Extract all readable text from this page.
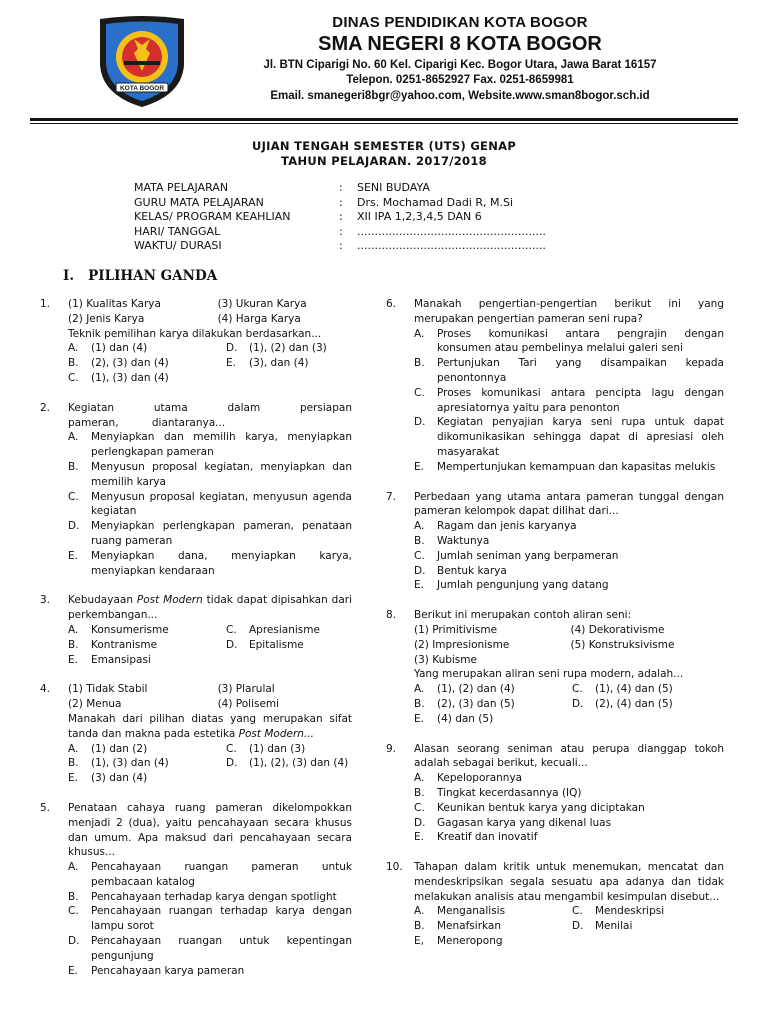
KOTA BOGOR
DINAS PENDIDIKAN KOTA BOGOR
SMA NEGERI 8 KOTA BOGOR
Jl. BTN Ciparigi No. 60 Kel. Ciparigi Kec. Bogor Utara, Jawa Barat 16157
Telepon. 0251-8652927 Fax. 0251-8659981
Email. smanegeri8bgr@yahoo.com, Website.www.sman8bogor.sch.id
UJIAN TENGAH SEMESTER (UTS) GENAP
TAHUN PELAJARAN. 2017/2018
MATA PELAJARAN	:	SENI BUDAYA
GURU MATA PELAJARAN	:	Drs. Mochamad Dadi R, M.Si
KELAS/ PROGRAM KEAHLIAN	:	XII IPA 1,2,3,4,5 DAN 6
HARI/ TANGGAL	:	......................................................
WAKTU/ DURASI	:	......................................................
I.   PILIHAN GANDA
1. (1) Kualitas Karya	(3) Ukuran Karya
(2) Jenis Karya	(4) Harga Karya
Teknik pemilihan karya dilakukan berdasarkan...
A. (1) dan (4)	D. (1), (2) dan (3)
B. (2), (3) dan (4)	E. (3), dan (4)
C. (1), (3) dan (4)
2. Kegiatan utama dalam persiapan pameran, diantaranya...
A. Menyiapkan dan memilih karya, menyiapkan perlengkapan pameran
B. Menyusun proposal kegiatan, menyiapkan dan memilih karya
C. Menyusun proposal kegiatan, menyusun agenda kegiatan
D. Menyiapkan perlengkapan pameran, penataan ruang pameran
E. Menyiapkan dana, menyiapkan karya, menyiapkan kendaraan
3. Kebudayaan Post Modern tidak dapat dipisahkan dari perkembangan...
A. Konsumerisme	C. Apresianisme
B. Kontranisme	D. Epitalisme
E. Emansipasi
4. (1) Tidak Stabil	(3) Plarulal
(2) Menua	(4) Polisemi
Manakah dari pilihan diatas yang merupakan sifat tanda dan makna pada estetika Post Modern...
A. (1) dan (2)	C. (1) dan (3)
B. (1), (3) dan (4)	D. (1), (2), (3) dan (4)
E. (3) dan (4)
5. Penataan cahaya ruang pameran dikelompokkan menjadi 2 (dua), yaitu pencahayaan secara khusus dan umum. Apa maksud dari pencahayaan secara khusus...
A. Pencahayaan ruangan pameran untuk pembacaan katalog
B. Pencahayaan terhadap karya dengan spotlight
C. Pencahayaan ruangan terhadap karya dengan lampu sorot
D. Pencahayaan ruangan untuk kepentingan pengunjung
E. Pencahayaan karya pameran
6. Manakah pengertian-pengertian berikut ini yang merupakan pengertian pameran seni rupa?
A. Proses komunikasi antara pengrajin dengan konsumen atau pembelinya melalui galeri seni
B. Pertunjukan Tari yang disampaikan kepada penontonnya
C. Proses komunikasi antara pencipta lagu dengan apresiatornya yaitu para penonton
D. Kegiatan penyajian karya seni rupa untuk dapat dikomunikasikan sehingga dapat di apresiasi oleh masyarakat
E. Mempertunjukan kemampuan dan kapasitas melukis
7. Perbedaan yang utama antara pameran tunggal dengan pameran kelompok dapat dilihat dari...
A. Ragam dan jenis karyanya
B. Waktunya
C. Jumlah seniman yang berpameran
D. Bentuk karya
E. Jumlah pengunjung yang datang
8. Berikut ini merupakan contoh aliran seni:
(1) Primitivisme	(4) Dekorativisme
(2) Impresionisme	(5) Konstruksivisme
(3) Kubisme
Yang merupakan aliran seni rupa modern, adalah...
A. (1), (2) dan (4)	C. (1), (4) dan (5)
B. (2), (3) dan (5)	D. (2), (4) dan (5)
E. (4) dan (5)
9. Alasan seorang seniman atau perupa dianggap tokoh adalah sebagai berikut, kecuali...
A. Kepeloporannya
B. Tingkat kecerdasannya (IQ)
C. Keunikan bentuk karya yang diciptakan
D. Gagasan karya yang dikenal luas
E. Kreatif dan inovatif
10. Tahapan dalam kritik untuk menemukan, mencatat dan mendeskripsikan segala sesuatu apa adanya dan tidak melakukan analisis atau mengambil kesimpulan disebut...
A. Menganalisis	C. Mendeskripsi
B. Menafsirkan	D. Menilai
E, Meneropong
